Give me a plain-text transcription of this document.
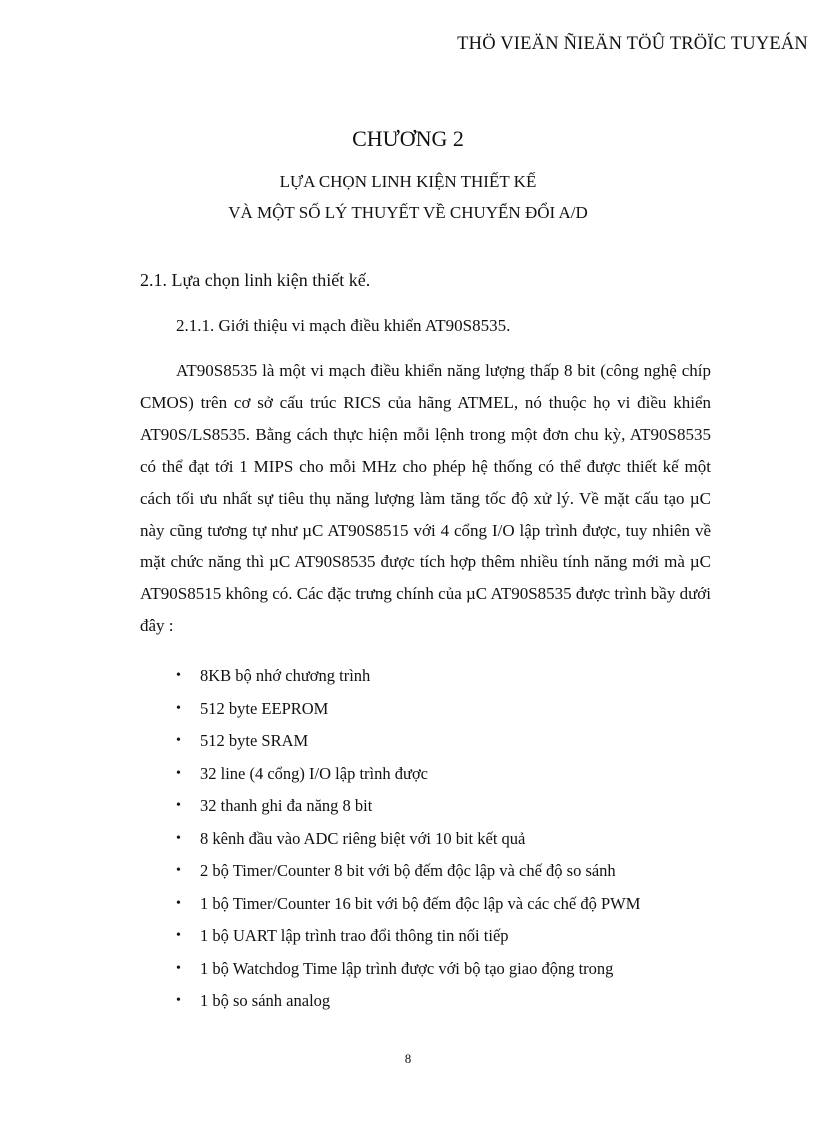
THÖ VIEÄN ÑIEÄN TÖÛ TRÖÏC TUYEÁN
CHƯƠNG 2
LỰA CHỌN LINH KIỆN THIẾT KẾ
VÀ MỘT SỐ LÝ THUYẾT VỀ CHUYỂN ĐỔI A/D
2.1. Lựa chọn linh kiện thiết kế.
2.1.1. Giới thiệu vi mạch điều khiển AT90S8535.

AT90S8535 là một vi mạch điều khiển năng lượng thấp 8 bit (công nghệ chíp CMOS) trên cơ sở cấu trúc RICS của hãng ATMEL, nó thuộc họ vi điều khiển AT90S/LS8535. Bằng cách thực hiện mỗi lệnh trong một đơn chu kỳ, AT90S8535 có thể đạt tới 1 MIPS cho mỗi MHz cho phép hệ thống có thể được thiết kế một cách tối ưu nhất sự tiêu thụ năng lượng làm tăng tốc độ xử lý. Về mặt cấu tạo µC này cũng tương tự như µC AT90S8515 với 4 cổng I/O lập trình được, tuy nhiên về mặt chức năng thì µC AT90S8535 được tích hợp thêm nhiều tính năng mới mà µC AT90S8515 không có. Các đặc trưng chính của µC AT90S8535 được trình bầy dưới đây :

• 8KB bộ nhớ chương trình
• 512 byte EEPROM
• 512 byte SRAM
• 32 line (4 cổng) I/O lập trình được
• 32 thanh ghi đa năng 8 bit
• 8 kênh đầu vào ADC riêng biệt với 10 bit kết quả
• 2 bộ Timer/Counter 8 bit với bộ đếm độc lập và chế độ so sánh
• 1 bộ Timer/Counter 16 bit với bộ đếm độc lập và các chế độ PWM
• 1 bộ UART lập trình trao đổi thông tin nối tiếp
• 1 bộ Watchdog Time lập trình được với bộ tạo giao động trong
• 1 bộ so sánh analog
8
